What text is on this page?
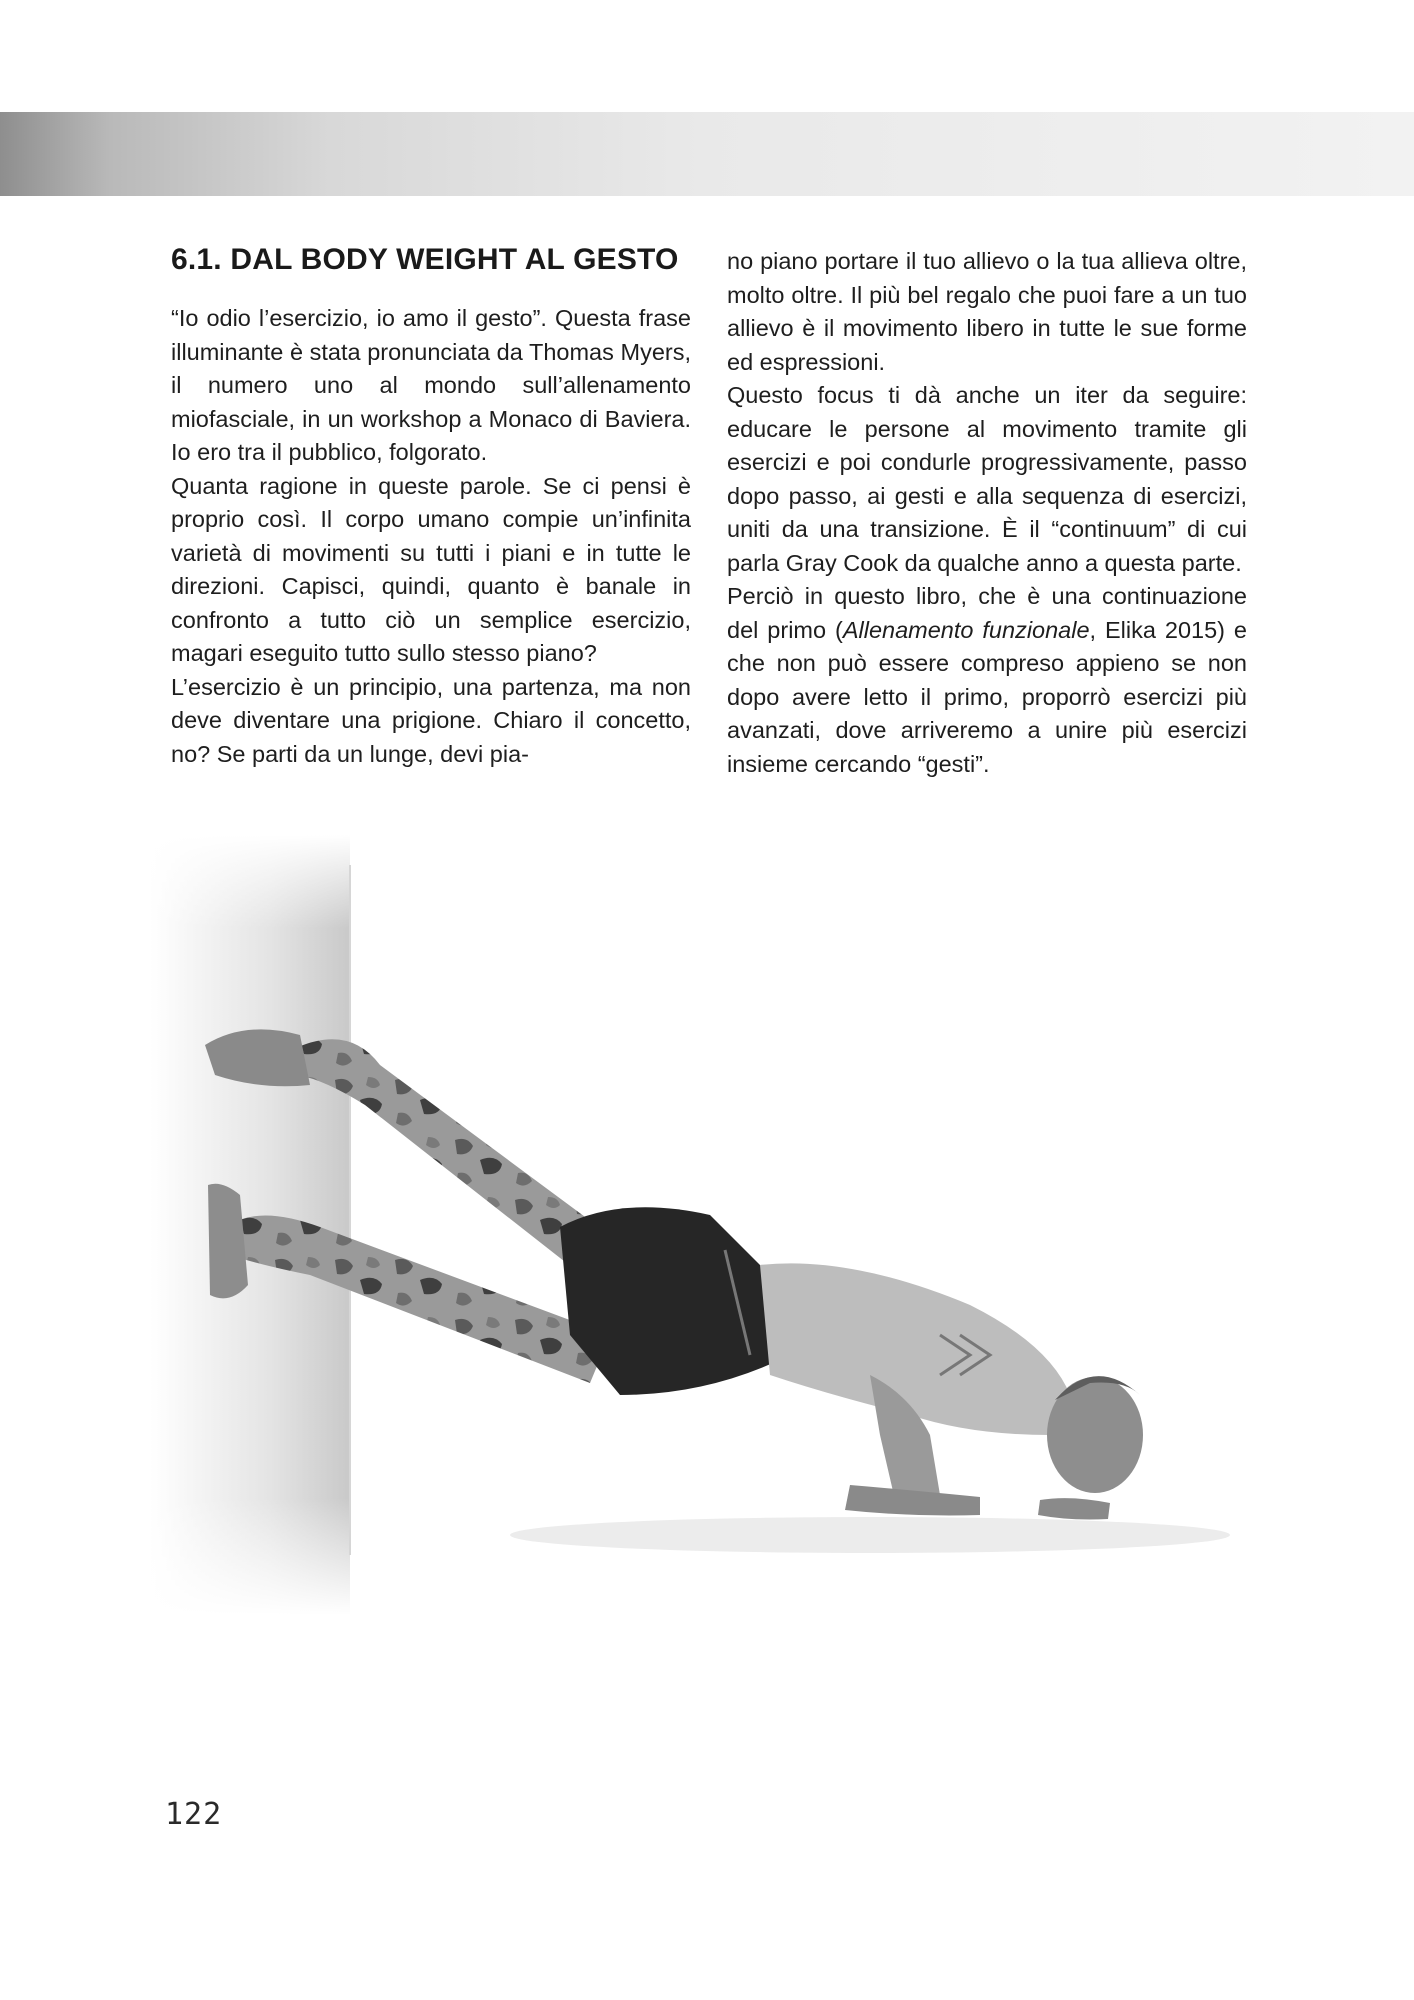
6.1. DAL BODY WEIGHT AL GESTO

“Io odio l’esercizio, io amo il gesto”. Questa frase illuminante è stata pronunciata da Thomas Myers, il numero uno al mondo sull’allenamento miofasciale, in un workshop a Monaco di Baviera. Io ero tra il pubblico, folgorato.

Quanta ragione in queste parole. Se ci pensi è proprio così. Il corpo umano compie un’infinita varietà di movimenti su tutti i piani e in tutte le direzioni. Capisci, quindi, quanto è banale in confronto a tutto ciò un semplice esercizio, magari eseguito tutto sullo stesso piano?

L’esercizio è un principio, una partenza, ma non deve diventare una prigione. Chiaro il concetto, no? Se parti da un lunge, devi pia-

no piano portare il tuo allievo o la tua allieva oltre, molto oltre. Il più bel regalo che puoi fare a un tuo allievo è il movimento libero in tutte le sue forme ed espressioni.

Questo focus ti dà anche un iter da seguire: educare le persone al movimento tramite gli esercizi e poi condurle progressivamente, passo dopo passo, ai gesti e alla sequenza di esercizi, uniti da una transizione. È il “continuum” di cui parla Gray Cook da qualche anno a questa parte.

Perciò in questo libro, che è una continuazione del primo (Allenamento funzionale, Elika 2015) e che non può essere compreso appieno se non dopo avere letto il primo, proporrò esercizi più avanzati, dove arriveremo a unire più esercizi insieme cercando “gesti”.

122
